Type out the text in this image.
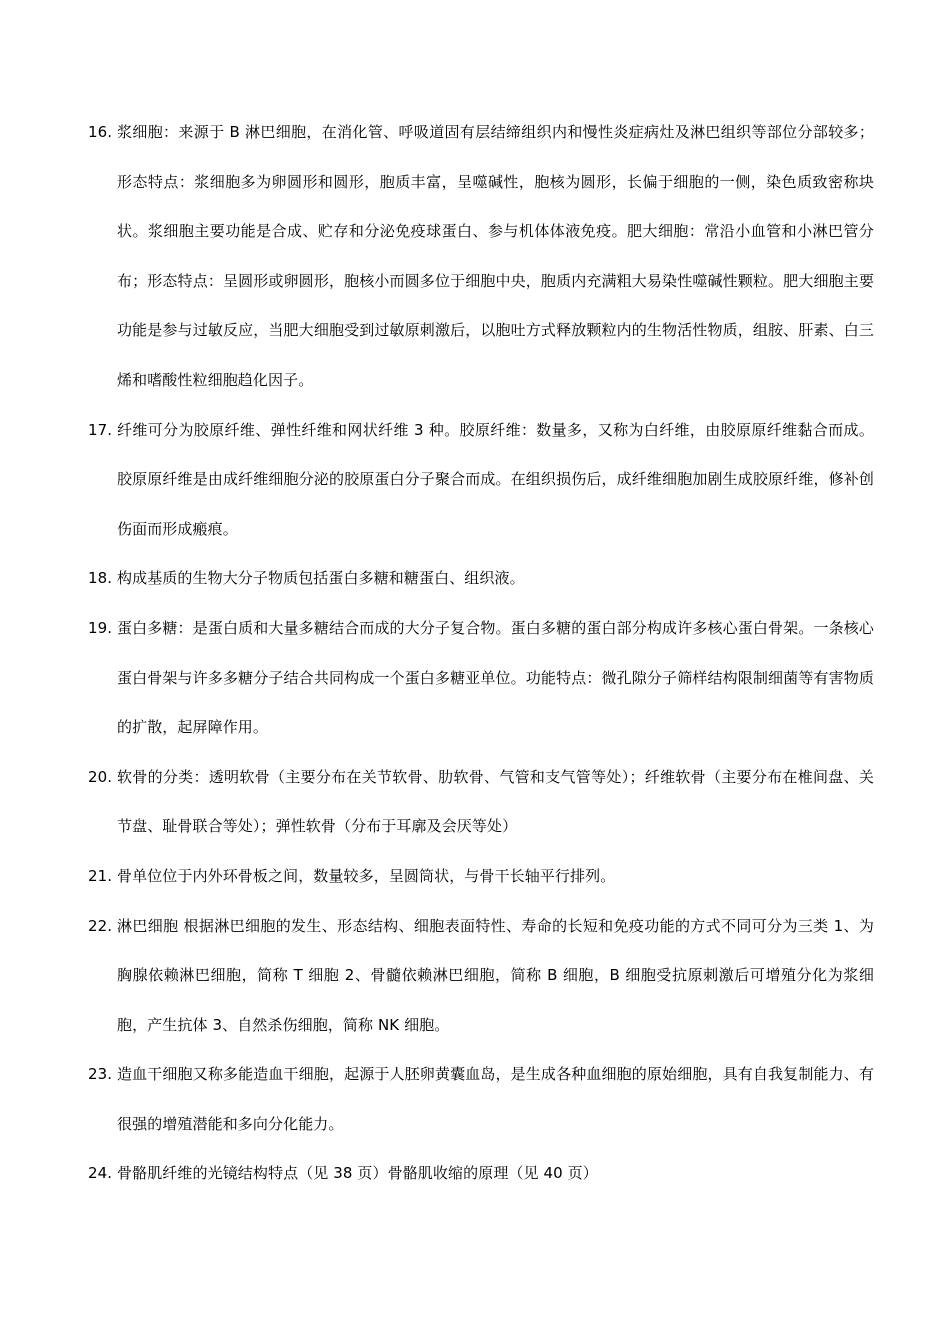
16. 浆细胞：来源于 B 淋巴细胞，在消化管、呼吸道固有层结缔组织内和慢性炎症病灶及淋巴组织等部位分部较多；形态特点：浆细胞多为卵圆形和圆形，胞质丰富，呈噬碱性，胞核为圆形，长偏于细胞的一侧，染色质致密称块状。浆细胞主要功能是合成、贮存和分泌免疫球蛋白、参与机体体液免疫。肥大细胞：常沿小血管和小淋巴管分布；形态特点：呈圆形或卵圆形，胞核小而圆多位于细胞中央，胞质内充满粗大易染性噬碱性颗粒。肥大细胞主要功能是参与过敏反应，当肥大细胞受到过敏原刺激后，以胞吐方式释放颗粒内的生物活性物质，组胺、肝素、白三烯和嗜酸性粒细胞趋化因子。
17. 纤维可分为胶原纤维、弹性纤维和网状纤维 3 种。胶原纤维：数量多，又称为白纤维，由胶原原纤维黏合而成。胶原原纤维是由成纤维细胞分泌的胶原蛋白分子聚合而成。在组织损伤后，成纤维细胞加剧生成胶原纤维，修补创伤面而形成瘢痕。
18. 构成基质的生物大分子物质包括蛋白多糖和糖蛋白、组织液。
19. 蛋白多糖：是蛋白质和大量多糖结合而成的大分子复合物。蛋白多糖的蛋白部分构成许多核心蛋白骨架。一条核心蛋白骨架与许多多糖分子结合共同构成一个蛋白多糖亚单位。功能特点：微孔隙分子筛样结构限制细菌等有害物质的扩散，起屏障作用。
20. 软骨的分类：透明软骨（主要分布在关节软骨、肋软骨、气管和支气管等处）；纤维软骨（主要分布在椎间盘、关节盘、耻骨联合等处）；弹性软骨（分布于耳廓及会厌等处）
21. 骨单位位于内外环骨板之间，数量较多，呈圆筒状，与骨干长轴平行排列。
22. 淋巴细胞 根据淋巴细胞的发生、形态结构、细胞表面特性、寿命的长短和免疫功能的方式不同可分为三类 1、为胸腺依赖淋巴细胞，简称 T 细胞 2、骨髓依赖淋巴细胞，简称 B 细胞，B 细胞受抗原刺激后可增殖分化为浆细胞，产生抗体 3、自然杀伤细胞，简称 NK 细胞。
23. 造血干细胞又称多能造血干细胞，起源于人胚卵黄囊血岛，是生成各种血细胞的原始细胞，具有自我复制能力、有很强的增殖潜能和多向分化能力。
24. 骨骼肌纤维的光镜结构特点（见 38 页）骨骼肌收缩的原理（见 40 页）
